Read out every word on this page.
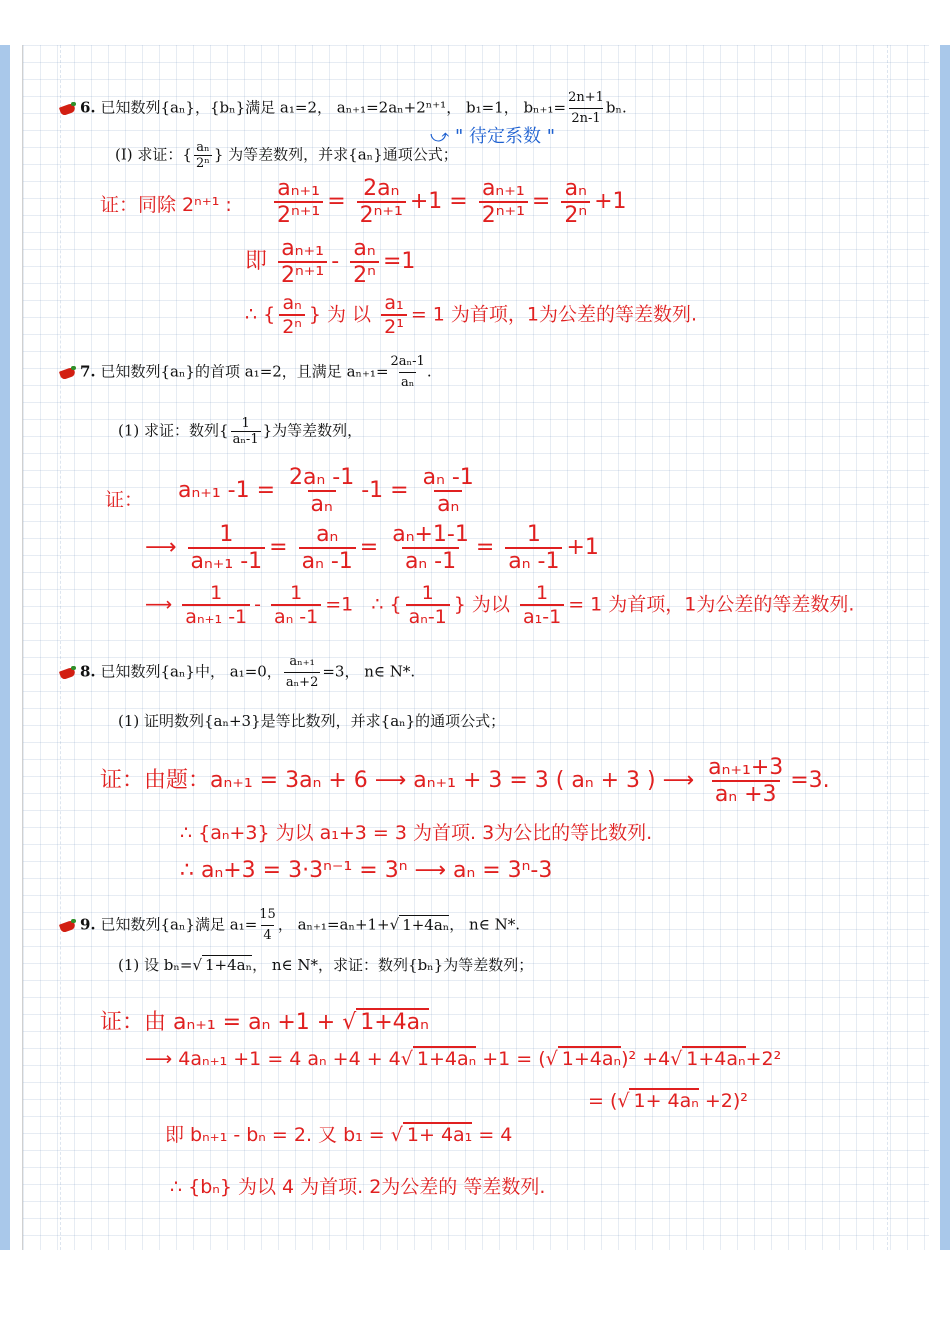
6. 已知数列{aₙ}，{bₙ}满足 a₁=2， aₙ₊₁=2aₙ+2ⁿ⁺¹， b₁=1， $b_{n+1}= \frac{2n+1}{2n-1} b_n$.
⤻ " 待定系数 "
(I) 求证：{ $\frac{\text{aₙ}}{\text{2ⁿ}}$ } 为等差数列，并求{aₙ}通项公式；
证：同除 2ⁿ⁺¹ : $\frac{\text{aₙ₊₁}}{\text{2ⁿ⁺¹}} = \frac{\text{2aₙ}}{\text{2ⁿ⁺¹}} +1 = \frac{\text{aₙ₊₁}}{\text{2ⁿ⁺¹}} = \frac{\text{aₙ}}{\text{2ⁿ}} +1$
即 $\frac{\text{aₙ₊₁}}{\text{2ⁿ⁺¹}} - \frac{\text{aₙ}}{\text{2ⁿ}} =1$
∴ { $\frac{\text{aₙ}}{\text{2ⁿ}}$ } 为 以 $\frac{\text{a₁}}{\text{2¹}} = 1$ 为首项，1为公差的等差数列.
7. 已知数列{aₙ}的首项 a₁=2，且满足 $a_{n+1}= \frac{\text{2aₙ-1}}{\text{aₙ}}$ .
(1) 求证：数列{ $\frac{1}{\text{aₙ-1}}$ }为等差数列，
证： aₙ₊₁ $-1 = \frac{\text{2aₙ -1}}{\text{aₙ}} -1 = \frac{\text{aₙ -1}}{\text{aₙ}}$
⟶ $\frac{1}{\text{aₙ₊₁ -1}} = \frac{\text{aₙ}}{\text{aₙ -1}} = \frac{\text{aₙ+1-1}}{\text{aₙ -1}} = \frac{1}{\text{aₙ -1}} +1$
⟶ $\frac{1}{\text{aₙ₊₁ -1}} - \frac{1}{\text{aₙ -1}} =1$ ∴ { $\frac{1}{\text{aₙ-1}}$ } 为以 $\frac{1}{\text{a₁-1}} = 1$ 为首项，1为公差的等差数列.
8. 已知数列{aₙ}中， a₁=0， $\frac{\text{aₙ₊₁}}{\text{aₙ+2}} =3$， n∈ N*.
(1) 证明数列{aₙ+3}是等比数列，并求{aₙ}的通项公式；
证：由题：aₙ₊₁ = 3aₙ + 6 ⟶ aₙ₊₁ + 3 = 3 ( aₙ + 3 ) ⟶ $\frac{\text{aₙ₊₁+3}}{\text{aₙ +3}} =3$.
∴ {aₙ+3} 为以 a₁+3 = 3 为首项. 3为公比的等比数列.
∴ aₙ+3 = 3·3ⁿ⁻¹ = 3ⁿ ⟶ aₙ = 3ⁿ-3
9. 已知数列{aₙ}满足 $a_1= \frac{15}{4}$ ， aₙ₊₁=aₙ+1+√ 1+4aₙ， n∈ N*.
(1) 设 bₙ=√ 1+4aₙ， n∈ N*，求证：数列{bₙ}为等差数列；
证：由 aₙ₊₁ = aₙ +1 + √ 1+4aₙ
⟶ 4aₙ₊₁ +1 = 4 aₙ +4 + 4√ 1+4aₙ +1 = (√ 1+4aₙ)² +4√ 1+4aₙ+2²
= (√ 1+ 4aₙ +2)²
即 bₙ₊₁ - bₙ = 2. 又 b₁ = √ 1+ 4a₁ = 4
∴ {bₙ} 为以 4 为首项. 2为公差的 等差数列.
